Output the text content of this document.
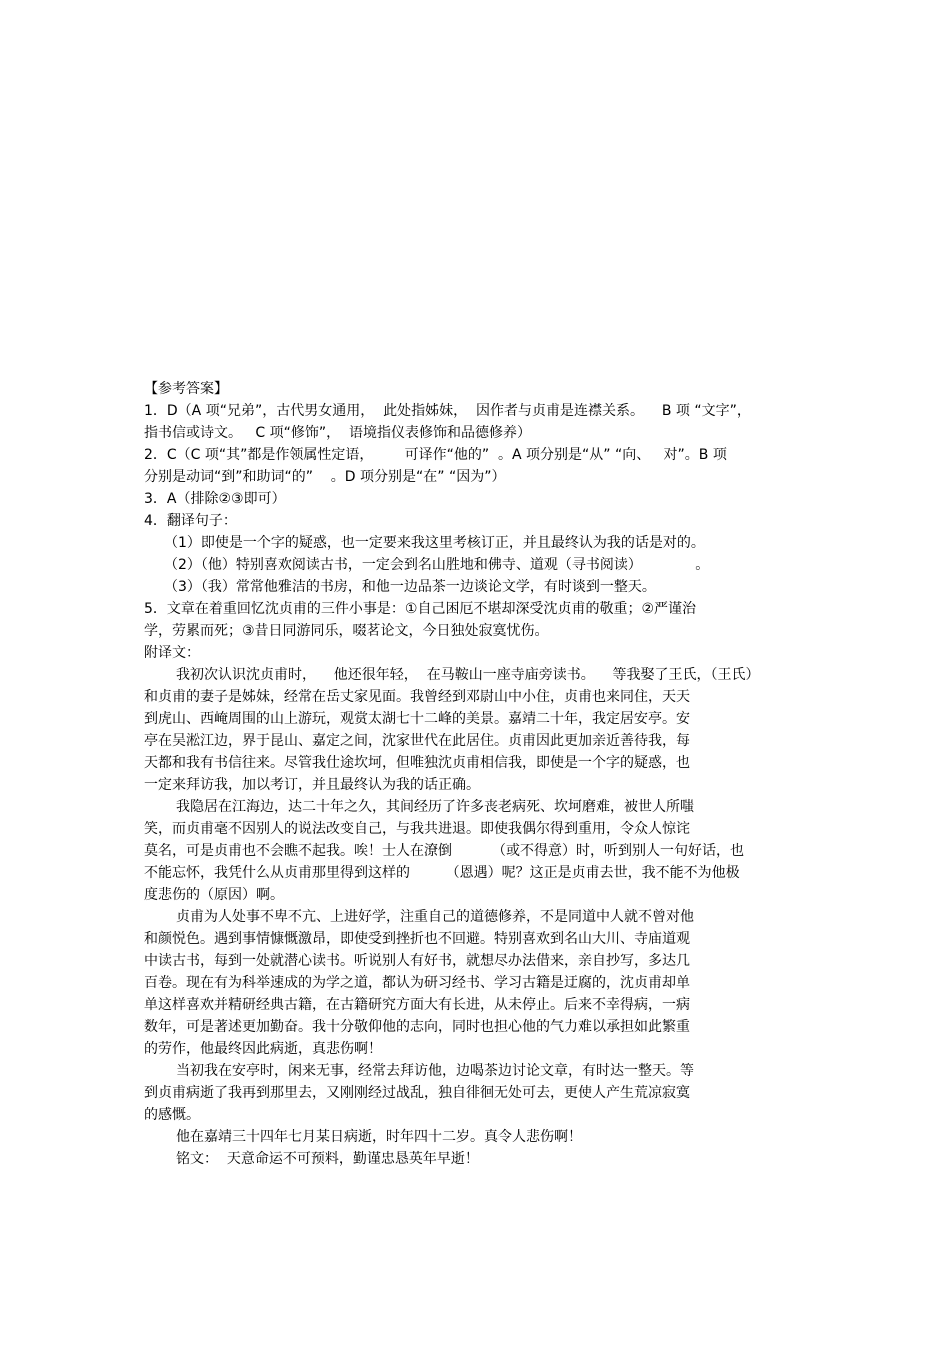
【参考答案】
1．D（A 项“兄弟”，古代男女通用，  此处指姊妹，  因作者与贞甫是连襟关系。    B 项 “文字”，
指书信或诗文。   C 项“修饰”，  语境指仪表修饰和品德修养）
2．C（C 项“其”都是作领属性定语，       可译作“他的”  。A 项分别是“从” “向、   对”。B 项
分别是动词“到”和助词“的”    。D 项分别是“在” “因为”）
3．A（排除②③即可）
4．翻译句子：
（1）即使是一个字的疑惑，也一定要来我这里考核订正，并且最终认为我的话是对的。
（2）（他）特别喜欢阅读古书，一定会到名山胜地和佛寺、道观（寻书阅读）            。
（3）（我）常常他雅洁的书房，和他一边品茶一边谈论文学，有时谈到一整天。
5．文章在着重回忆沈贞甫的三件小事是：①自己困厄不堪却深受沈贞甫的敬重；②严谨治
学，劳累而死；③昔日同游同乐，啜茗论文，今日独处寂寞忧伤。
附译文：
我初次认识沈贞甫时，    他还很年轻，  在马鞍山一座寺庙旁读书。    等我娶了王氏，（王氏）
和贞甫的妻子是姊妹，经常在岳丈家见面。我曾经到邓尉山中小住，贞甫也来同住，天天
到虎山、西崦周围的山上游玩，观赏太湖七十二峰的美景。嘉靖二十年，我定居安亭。安
亭在吴淞江边，界于昆山、嘉定之间，沈家世代在此居住。贞甫因此更加亲近善待我，每
天都和我有书信往来。尽管我仕途坎坷，但唯独沈贞甫相信我，即使是一个字的疑惑，也
一定来拜访我，加以考订，并且最终认为我的话正确。
我隐居在江海边，达二十年之久，其间经历了许多丧老病死、坎坷磨难，被世人所嗤
笑，而贞甫毫不因别人的说法改变自己，与我共进退。即使我偶尔得到重用，令众人惊诧
莫名，可是贞甫也不会瞧不起我。唉！士人在潦倒         （或不得意）时，听到别人一句好话，也
不能忘怀，我凭什么从贞甫那里得到这样的        （恩遇）呢？这正是贞甫去世，我不能不为他极
度悲伤的（原因）啊。
贞甫为人处事不卑不亢、上进好学，注重自己的道德修养，不是同道中人就不曾对他
和颜悦色。遇到事情慷慨激昂，即使受到挫折也不回避。特别喜欢到名山大川、寺庙道观
中读古书，每到一处就潜心读书。听说别人有好书，就想尽办法借来，亲自抄写，多达几
百卷。现在有为科举速成的为学之道，都认为研习经书、学习古籍是迂腐的，沈贞甫却单
单这样喜欢并精研经典古籍，在古籍研究方面大有长进，从未停止。后来不幸得病，一病
数年，可是著述更加勤奋。我十分敬仰他的志向，同时也担心他的气力难以承担如此繁重
的劳作，他最终因此病逝，真悲伤啊！
当初我在安亭时，闲来无事，经常去拜访他，边喝茶边讨论文章，有时达一整天。等
到贞甫病逝了我再到那里去，又刚刚经过战乱，独自徘徊无处可去，更使人产生荒凉寂寞
的感慨。
他在嘉靖三十四年七月某日病逝，时年四十二岁。真令人悲伤啊！
铭文：  天意命运不可预料，勤谨忠恳英年早逝！
